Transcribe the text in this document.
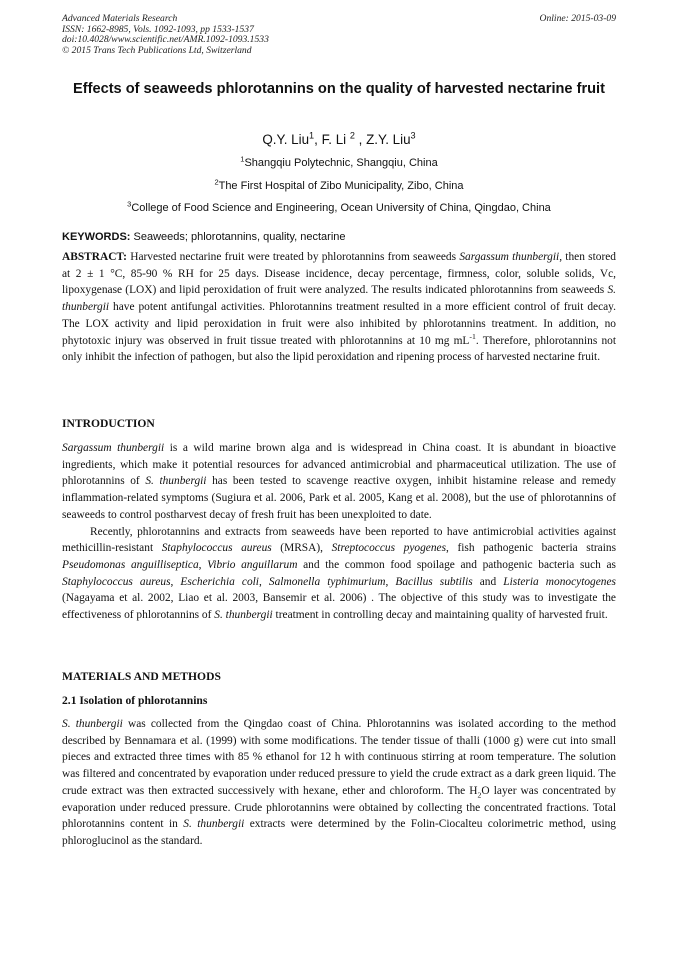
Advanced Materials Research
ISSN: 1662-8985, Vols. 1092-1093, pp 1533-1537
doi:10.4028/www.scientific.net/AMR.1092-1093.1533
© 2015 Trans Tech Publications Ltd, Switzerland
Online: 2015-03-09
Effects of seaweeds phlorotannins on the quality of harvested nectarine fruit
Q.Y. Liu$^1$, F. Li $^2$ , Z.Y. Liu$^3$
$^1$Shangqiu Polytechnic, Shangqiu, China
$^2$The First Hospital of Zibo Municipality, Zibo, China
$^3$College of Food Science and Engineering, Ocean University of China, Qingdao, China
KEYWORDS: Seaweeds; phlorotannins, quality, nectarine

ABSTRACT: Harvested nectarine fruit were treated by phlorotannins from seaweeds Sargassum thunbergii, then stored at 2 ± 1 °C, 85-90 % RH for 25 days. Disease incidence, decay percentage, firmness, color, soluble solids, Vc, lipoxygenase (LOX) and lipid peroxidation of fruit were analyzed. The results indicated phlorotannins from seaweeds S. thunbergii have potent antifungal activities. Phlorotannins treatment resulted in a more efficient control of fruit decay. The LOX activity and lipid peroxidation in fruit were also inhibited by phlorotannins treatment. In addition, no phytotoxic injury was observed in fruit tissue treated with phlorotannins at 10 mg $mL^{-1}$. Therefore, phlorotannins not only inhibit the infection of pathogen, but also the lipid peroxidation and ripening process of harvested nectarine fruit.

INTRODUCTION

Sargassum thunbergii is a wild marine brown alga and is widespread in China coast. It is abundant in bioactive ingredients, which make it potential resources for advanced antimicrobial and pharmaceutical utilization. The use of phlorotannins of S. thunbergii has been tested to scavenge reactive oxygen, inhibit histamine release and remedy inflammation-related symptoms (Sugiura et al. 2006, Park et al. 2005, Kang et al. 2008), but the use of phlorotannins of seaweeds to control postharvest decay of fresh fruit has been unexploited to date.

Recently, phlorotannins and extracts from seaweeds have been reported to have antimicrobial activities against methicillin-resistant Staphylococcus aureus (MRSA), Streptococcus pyogenes, fish pathogenic bacteria strains Pseudomonas anguilliseptica, Vibrio anguillarum and the common food spoilage and pathogenic bacteria such as Staphylococcus aureus, Escherichia coli, Salmonella typhimurium, Bacillus subtilis and Listeria monocytogenes (Nagayama et al. 2002, Liao et al. 2003, Bansemir et al. 2006) . The objective of this study was to investigate the effectiveness of phlorotannins of S. thunbergii treatment in controlling decay and maintaining quality of harvested fruit.

MATERIALS AND METHODS
2.1 Isolation of phlorotannins

S. thunbergii was collected from the Qingdao coast of China. Phlorotannins was isolated according to the method described by Bennamara et al. (1999) with some modifications. The tender tissue of thalli (1000 g) were cut into small pieces and extracted three times with 85 % ethanol for 12 h with continuous stirring at room temperature. The solution was filtered and concentrated by evaporation under reduced pressure to yield the crude extract as a dark green liquid. The crude extract was then extracted successively with hexane, ether and chloroform. The $H_2O$ layer was concentrated by evaporation under reduced pressure. Crude phlorotannins were obtained by collecting the concentrated fractions. Total phlorotannins content in S. thunbergii extracts were determined by the Folin-Ciocalteu colorimetric method, using phloroglucinol as the standard.
